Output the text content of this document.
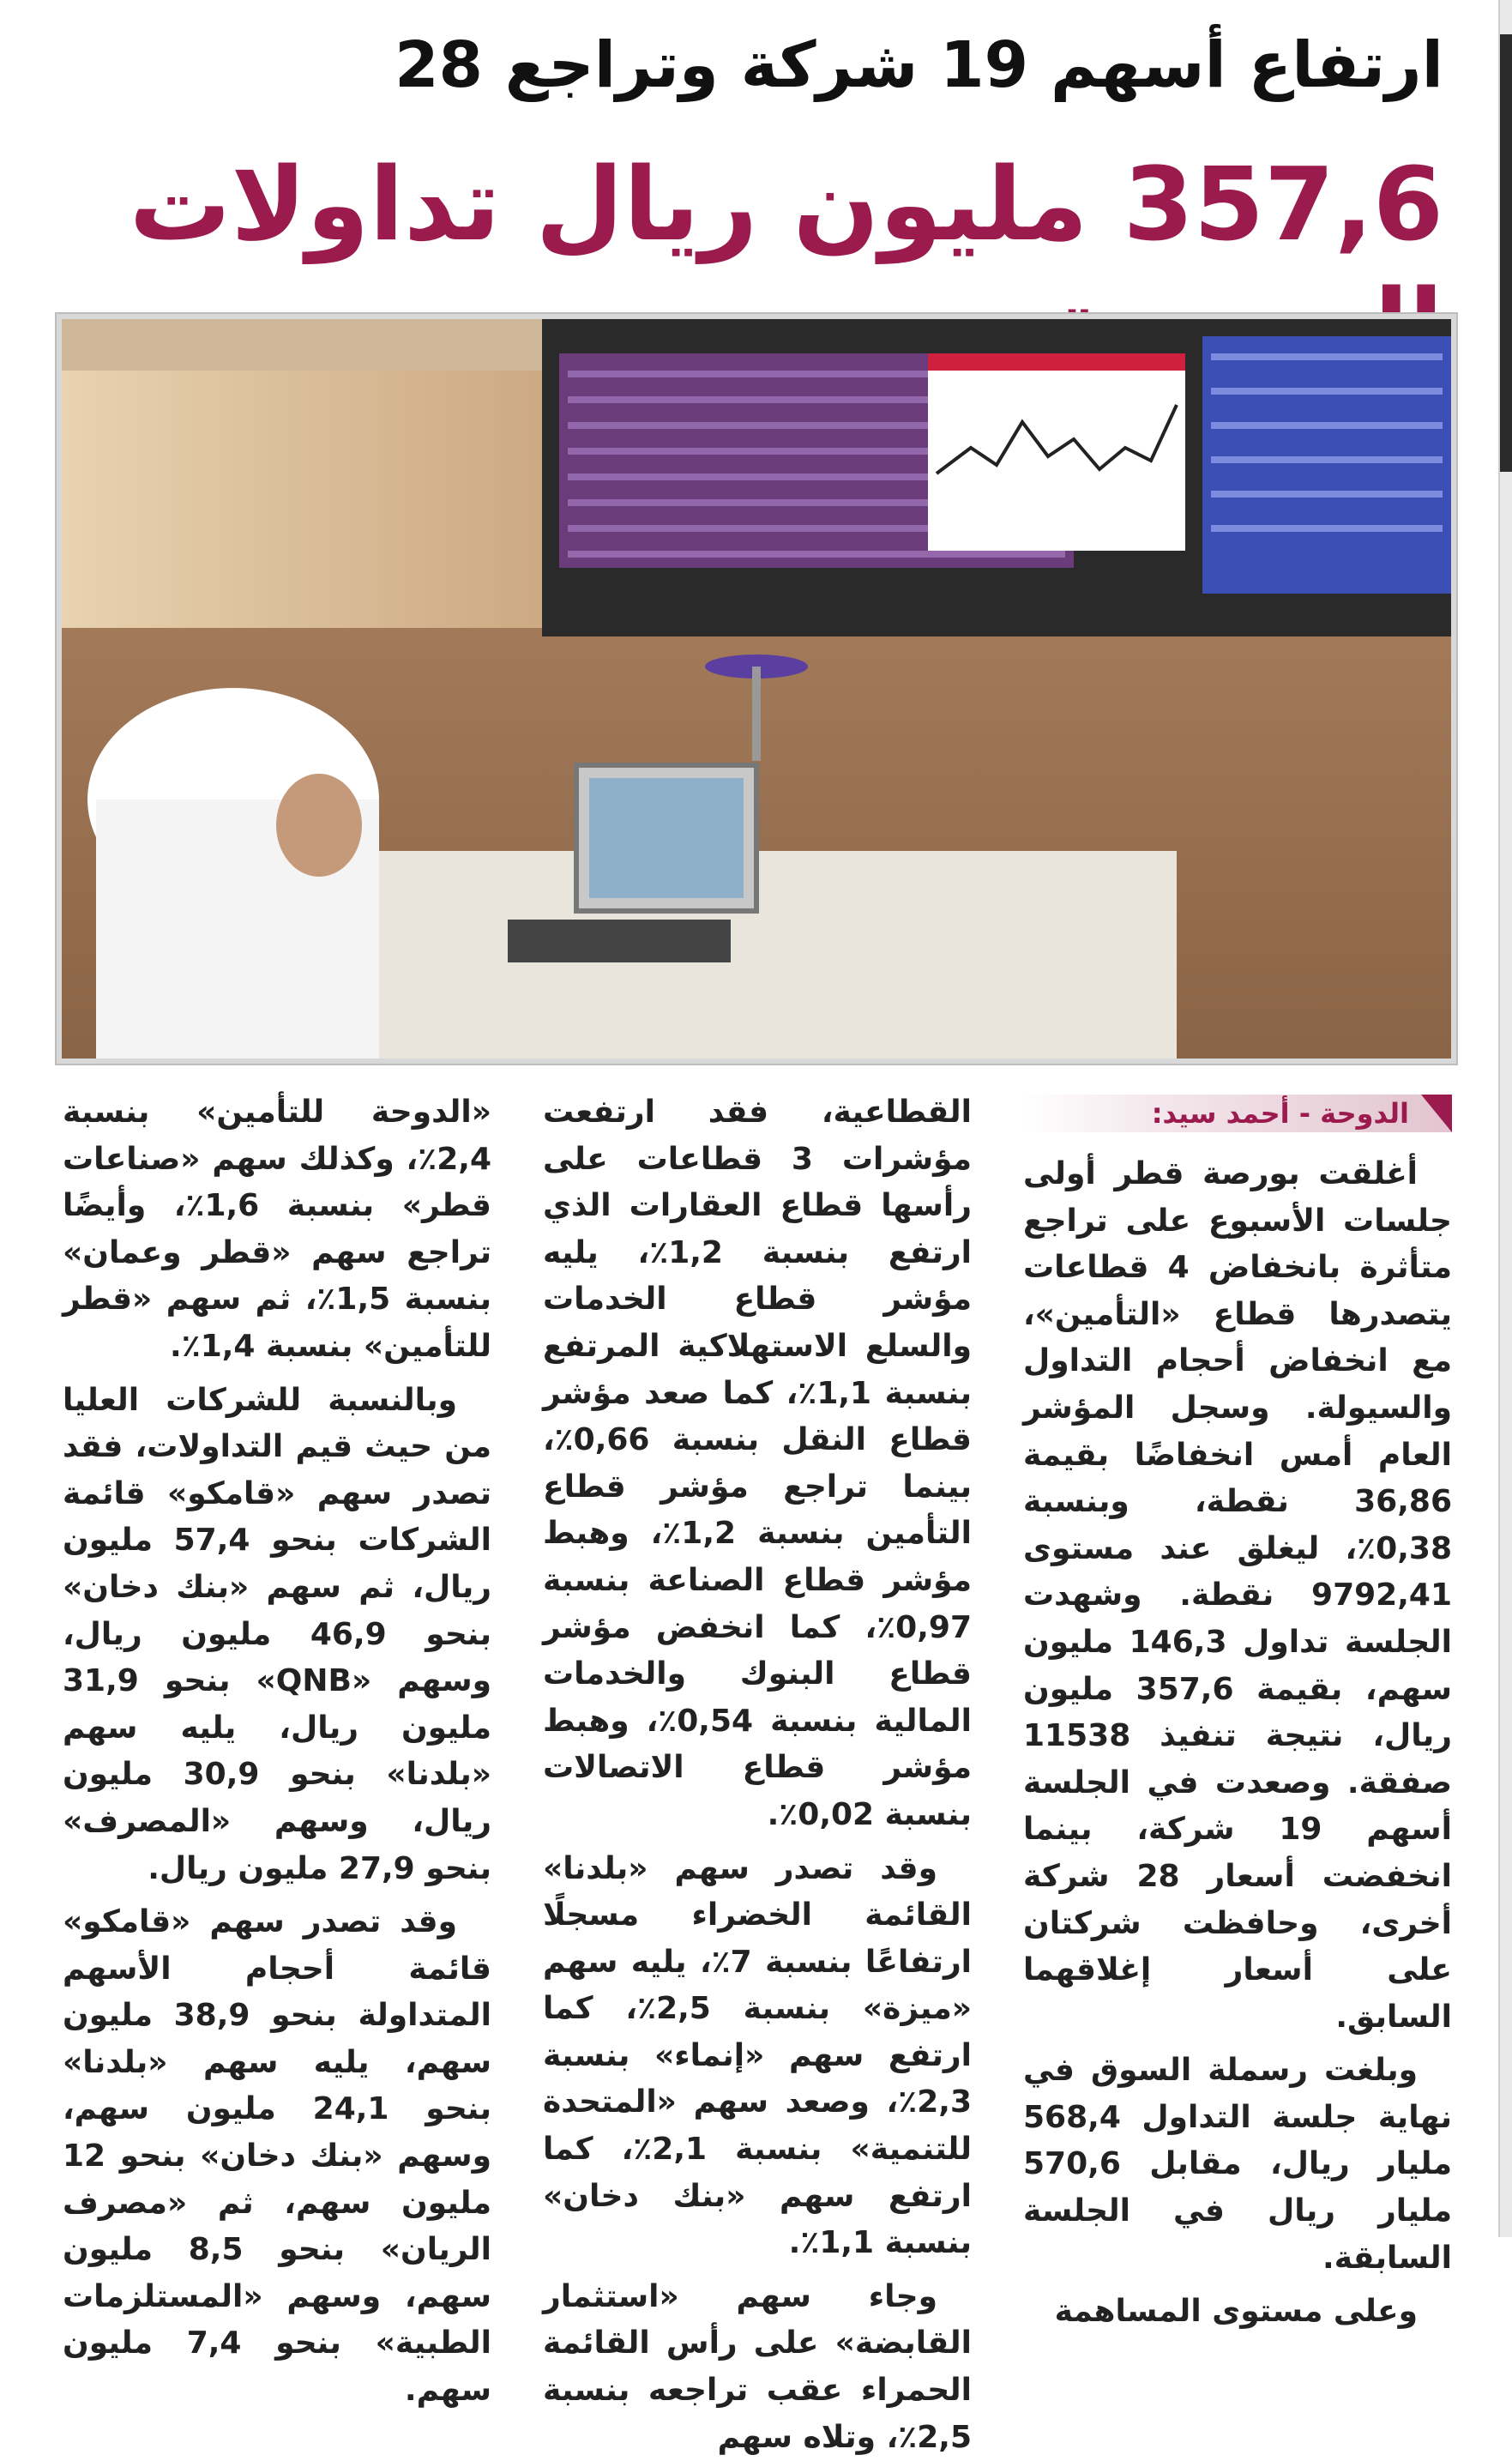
ارتفاع أسهم 19 شركة وتراجع 28
357,6 مليون ريال تداولات
الدوحة - أحمد سيد:

أغلقت بورصة قطر أولى جلسات الأسبوع على تراجع متأثرة بانخفاض 4 قطاعات يتصدرها قطاع «التأمين»، مع انخفاض أحجام التداول والسيولة. وسجل المؤشر العام أمس انخفاضًا بقيمة 36,86 نقطة، وبنسبة 0,38٪، ليغلق عند مستوى 9792,41 نقطة. وشهدت الجلسة تداول 146,3 مليون سهم، بقيمة 357,6 مليون ريال، نتيجة تنفيذ 11538 صفقة. وصعدت في الجلسة أسهم 19 شركة، بينما انخفضت أسعار 28 شركة أخرى، وحافظت شركتان على أسعار إغلاقهما السابق.

وبلغت رسملة السوق في نهاية جلسة التداول 568,4 مليار ريال، مقابل 570,6 مليار ريال في الجلسة السابقة.

وعلى مستوى المساهمة

القطاعية، فقد ارتفعت مؤشرات 3 قطاعات على رأسها قطاع العقارات الذي ارتفع بنسبة 1,2٪، يليه مؤشر قطاع الخدمات والسلع الاستهلاكية المرتفع بنسبة 1,1٪، كما صعد مؤشر قطاع النقل بنسبة 0,66٪، بينما تراجع مؤشر قطاع التأمين بنسبة 1,2٪، وهبط مؤشر قطاع الصناعة بنسبة 0,97٪، كما انخفض مؤشر قطاع البنوك والخدمات المالية بنسبة 0,54٪، وهبط مؤشر قطاع الاتصالات بنسبة 0,02٪.

وقد تصدر سهم «بلدنا» القائمة الخضراء مسجلًا ارتفاعًا بنسبة 7٪، يليه سهم «ميزة» بنسبة 2,5٪، كما ارتفع سهم «إنماء» بنسبة 2,3٪، وصعد سهم «المتحدة للتنمية» بنسبة 2,1٪، كما ارتفع سهم «بنك دخان» بنسبة 1,1٪.

وجاء سهم «استثمار القابضة» على رأس القائمة الحمراء عقب تراجعه بنسبة 2,5٪، وتلاه سهم

«الدوحة للتأمين» بنسبة 2,4٪، وكذلك سهم «صناعات قطر» بنسبة 1,6٪، وأيضًا تراجع سهم «قطر وعمان» بنسبة 1,5٪، ثم سهم «قطر للتأمين» بنسبة 1,4٪.

وبالنسبة للشركات العليا من حيث قيم التداولات، فقد تصدر سهم «قامكو» قائمة الشركات بنحو 57,4 مليون ريال، ثم سهم «بنك دخان» بنحو 46,9 مليون ريال، وسهم «QNB» بنحو 31,9 مليون ريال، يليه سهم «بلدنا» بنحو 30,9 مليون ريال، وسهم «المصرف» بنحو 27,9 مليون ريال.

وقد تصدر سهم «قامكو» قائمة أحجام الأسهم المتداولة بنحو 38,9 مليون سهم، يليه سهم «بلدنا» بنحو 24,1 مليون سهم، وسهم «بنك دخان» بنحو 12 مليون سهم، ثم «مصرف الريان» بنحو 8,5 مليون سهم، وسهم «المستلزمات الطبية» بنحو 7,4 مليون سهم.
